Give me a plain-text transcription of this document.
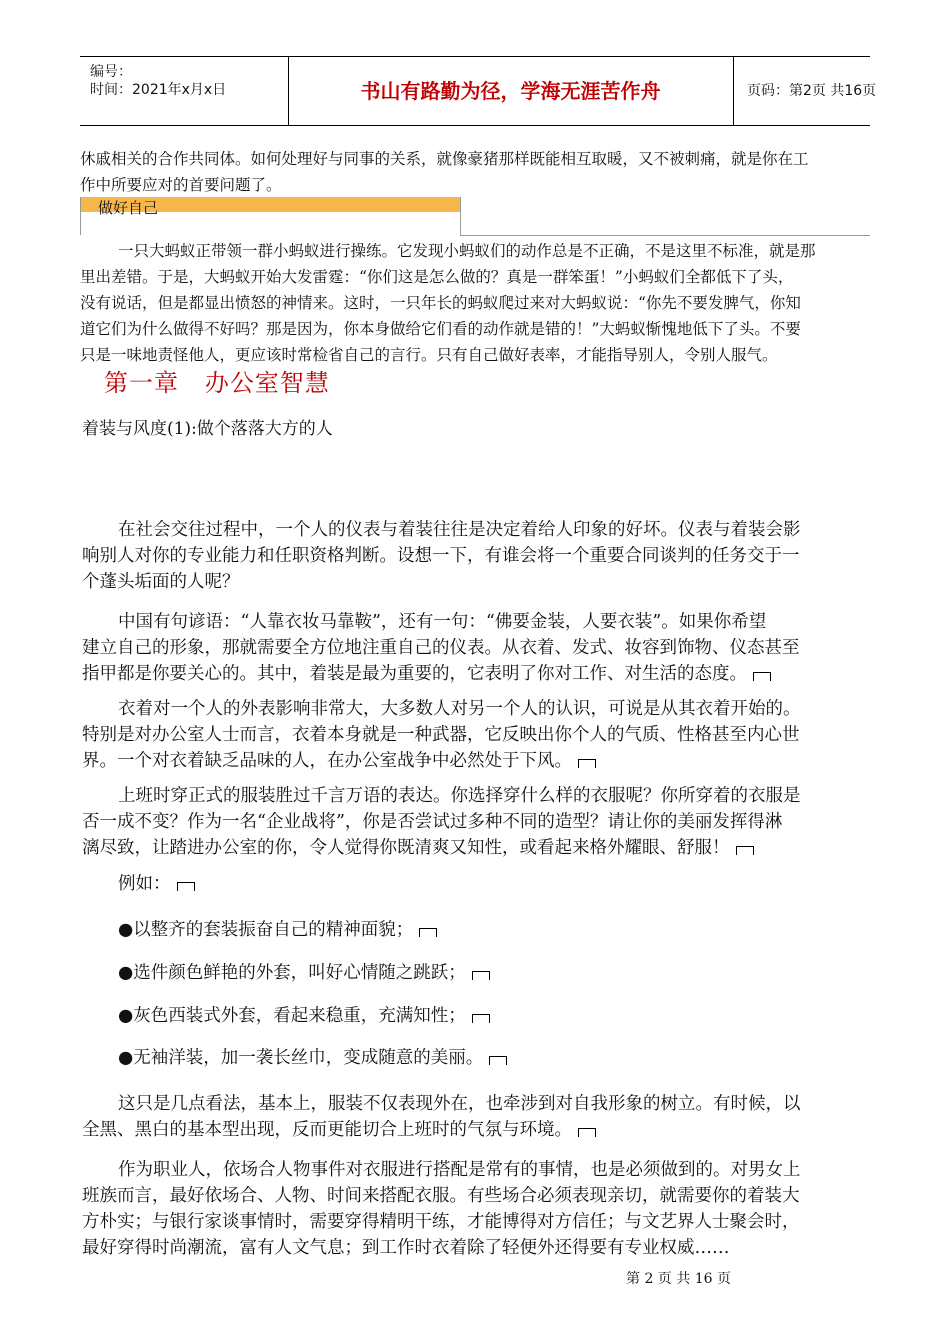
编号：
时间：2021年x月x日	书山有路勤为径，学海无涯苦作舟	页码：第2页 共16页
休戚相关的合作共同体。如何处理好与同事的关系，就像豪猪那样既能相互取暖，又不被刺痛，就是你在工
作中所要应对的首要问题了。
做好自己
一只大蚂蚁正带领一群小蚂蚁进行操练。它发现小蚂蚁们的动作总是不正确，不是这里不标准，就是那
里出差错。于是，大蚂蚁开始大发雷霆：“你们这是怎么做的？真是一群笨蛋！”小蚂蚁们全都低下了头，
没有说话，但是都显出愤怒的神情来。这时，一只年长的蚂蚁爬过来对大蚂蚁说：“你先不要发脾气，你知
道它们为什么做得不好吗？那是因为，你本身做给它们看的动作就是错的！”大蚂蚁惭愧地低下了头。不要
只是一味地责怪他人，更应该时常检省自己的言行。只有自己做好表率，才能指导别人，令别人服气。
第一章   办公室智慧
着装与风度(1):做个落落大方的人
在社会交往过程中，一个人的仪表与着装往往是决定着给人印象的好坏。仪表与着装会影
响别人对你的专业能力和任职资格判断。设想一下，有谁会将一个重要合同谈判的任务交于一
个蓬头垢面的人呢？
中国有句谚语：“人靠衣妆马靠鞍”，还有一句：“佛要金装，人要衣装”。如果你希望
建立自己的形象，那就需要全方位地注重自己的仪表。从衣着、发式、妆容到饰物、仪态甚至
指甲都是你要关心的。其中，着装是最为重要的，它表明了你对工作、对生活的态度。
衣着对一个人的外表影响非常大，大多数人对另一个人的认识，可说是从其衣着开始的。
特别是对办公室人士而言，衣着本身就是一种武器，它反映出你个人的气质、性格甚至内心世
界。一个对衣着缺乏品味的人，在办公室战争中必然处于下风。
上班时穿正式的服装胜过千言万语的表达。你选择穿什么样的衣服呢？你所穿着的衣服是
否一成不变？作为一名“企业战将”，你是否尝试过多种不同的造型？请让你的美丽发挥得淋
漓尽致，让踏进办公室的你，令人觉得你既清爽又知性，或看起来格外耀眼、舒服！
例如：
●以整齐的套装振奋自己的精神面貌；
●选件颜色鲜艳的外套，叫好心情随之跳跃；
●灰色西装式外套，看起来稳重，充满知性；
●无袖洋装，加一袭长丝巾，变成随意的美丽。
这只是几点看法，基本上，服装不仅表现外在，也牵涉到对自我形象的树立。有时候，以
全黑、黑白的基本型出现，反而更能切合上班时的气氛与环境。
作为职业人，依场合人物事件对衣服进行搭配是常有的事情，也是必须做到的。对男女上
班族而言，最好依场合、人物、时间来搭配衣服。有些场合必须表现亲切，就需要你的着装大
方朴实；与银行家谈事情时，需要穿得精明干练，才能博得对方信任；与文艺界人士聚会时，
最好穿得时尚潮流，富有人文气息；到工作时衣着除了轻便外还得要有专业权威……
第 2 页 共 16 页
